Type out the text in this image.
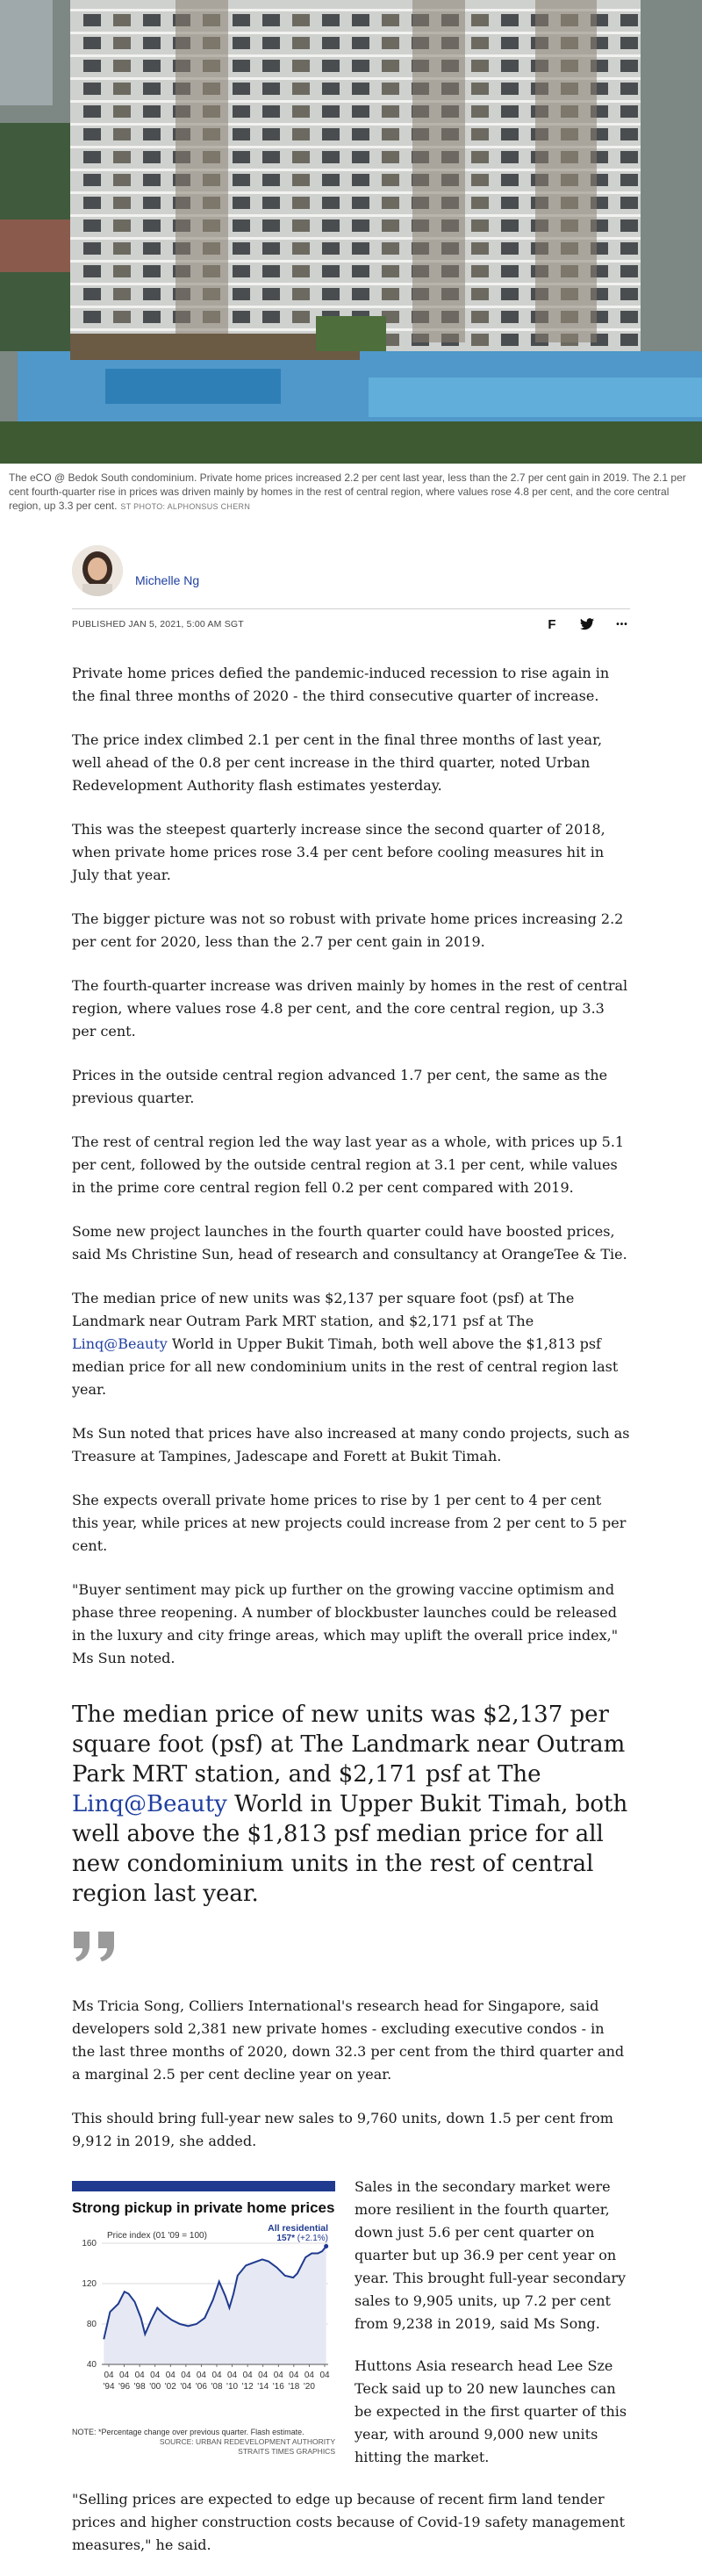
The eCO @ Bedok South condominium. Private home prices increased 2.2 per cent last year, less than the 2.7 per cent gain in 2019. The 2.1 per cent fourth-quarter rise in prices was driven mainly by homes in the rest of central region, where values rose 4.8 per cent, and the core central region, up 3.3 per cent. ST PHOTO: ALPHONSUS CHERN
Michelle Ng
PUBLISHED JAN 5, 2021, 5:00 AM SGT	F	•••

Private home prices defied the pandemic-induced recession to rise again in the final three months of 2020 - the third consecutive quarter of increase.

The price index climbed 2.1 per cent in the final three months of last year, well ahead of the 0.8 per cent increase in the third quarter, noted Urban Redevelopment Authority flash estimates yesterday.

This was the steepest quarterly increase since the second quarter of 2018, when private home prices rose 3.4 per cent before cooling measures hit in July that year.

The bigger picture was not so robust with private home prices increasing 2.2 per cent for 2020, less than the 2.7 per cent gain in 2019.

The fourth-quarter increase was driven mainly by homes in the rest of central region, where values rose 4.8 per cent, and the core central region, up 3.3 per cent.

Prices in the outside central region advanced 1.7 per cent, the same as the previous quarter.

The rest of central region led the way last year as a whole, with prices up 5.1 per cent, followed by the outside central region at 3.1 per cent, while values in the prime core central region fell 0.2 per cent compared with 2019.

Some new project launches in the fourth quarter could have boosted prices, said Ms Christine Sun, head of research and consultancy at OrangeTee & Tie.

The median price of new units was $2,137 per square foot (psf) at The Landmark near Outram Park MRT station, and $2,171 psf at The Linq@Beauty World in Upper Bukit Timah, both well above the $1,813 psf median price for all new condominium units in the rest of central region last year.

Ms Sun noted that prices have also increased at many condo projects, such as Treasure at Tampines, Jadescape and Forett at Bukit Timah.

She expects overall private home prices to rise by 1 per cent to 4 per cent this year, while prices at new projects could increase from 2 per cent to 5 per cent.

"Buyer sentiment may pick up further on the growing vaccine optimism and phase three reopening. A number of blockbuster launches could be released in the luxury and city fringe areas, which may uplift the overall price index," Ms Sun noted.

The median price of new units was $2,137 per square foot (psf) at The Landmark near Outram Park MRT station, and $2,171 psf at The Linq@Beauty World in Upper Bukit Timah, both well above the $1,813 psf median price for all new condominium units in the rest of central region last year.

Ms Tricia Song, Colliers International's research head for Singapore, said developers sold 2,381 new private homes - excluding executive condos - in the last three months of 2020, down 32.3 per cent from the third quarter and a marginal 2.5 per cent decline year on year.

This should bring full-year new sales to 9,760 units, down 1.5 per cent from 9,912 in 2019, she added.

Strong pickup in private home prices
160
120
80
40
Price index (01 '09 = 100)
All residential
157* (+2.1%)
04
'94
04
'96
04
'98
04
'00
04
'02
04
'04
04
'06
04
'08
04
'10
04
'12
04
'14
04
'16
04
'18
04
'20
04
NOTE: *Percentage change over previous quarter. Flash estimate.
SOURCE: URBAN REDEVELOPMENT AUTHORITY
STRAITS TIMES GRAPHICS

Sales in the secondary market were more resilient in the fourth quarter, down just 5.6 per cent quarter on quarter but up 36.9 per cent year on year. This brought full-year secondary sales to 9,905 units, up 7.2 per cent from 9,238 in 2019, said Ms Song.

Huttons Asia research head Lee Sze Teck said up to 20 new launches can be expected in the first quarter of this year, with around 9,000 new units hitting the market.

"Selling prices are expected to edge up because of recent firm land tender prices and higher construction costs because of Covid-19 safety management measures," he said.
